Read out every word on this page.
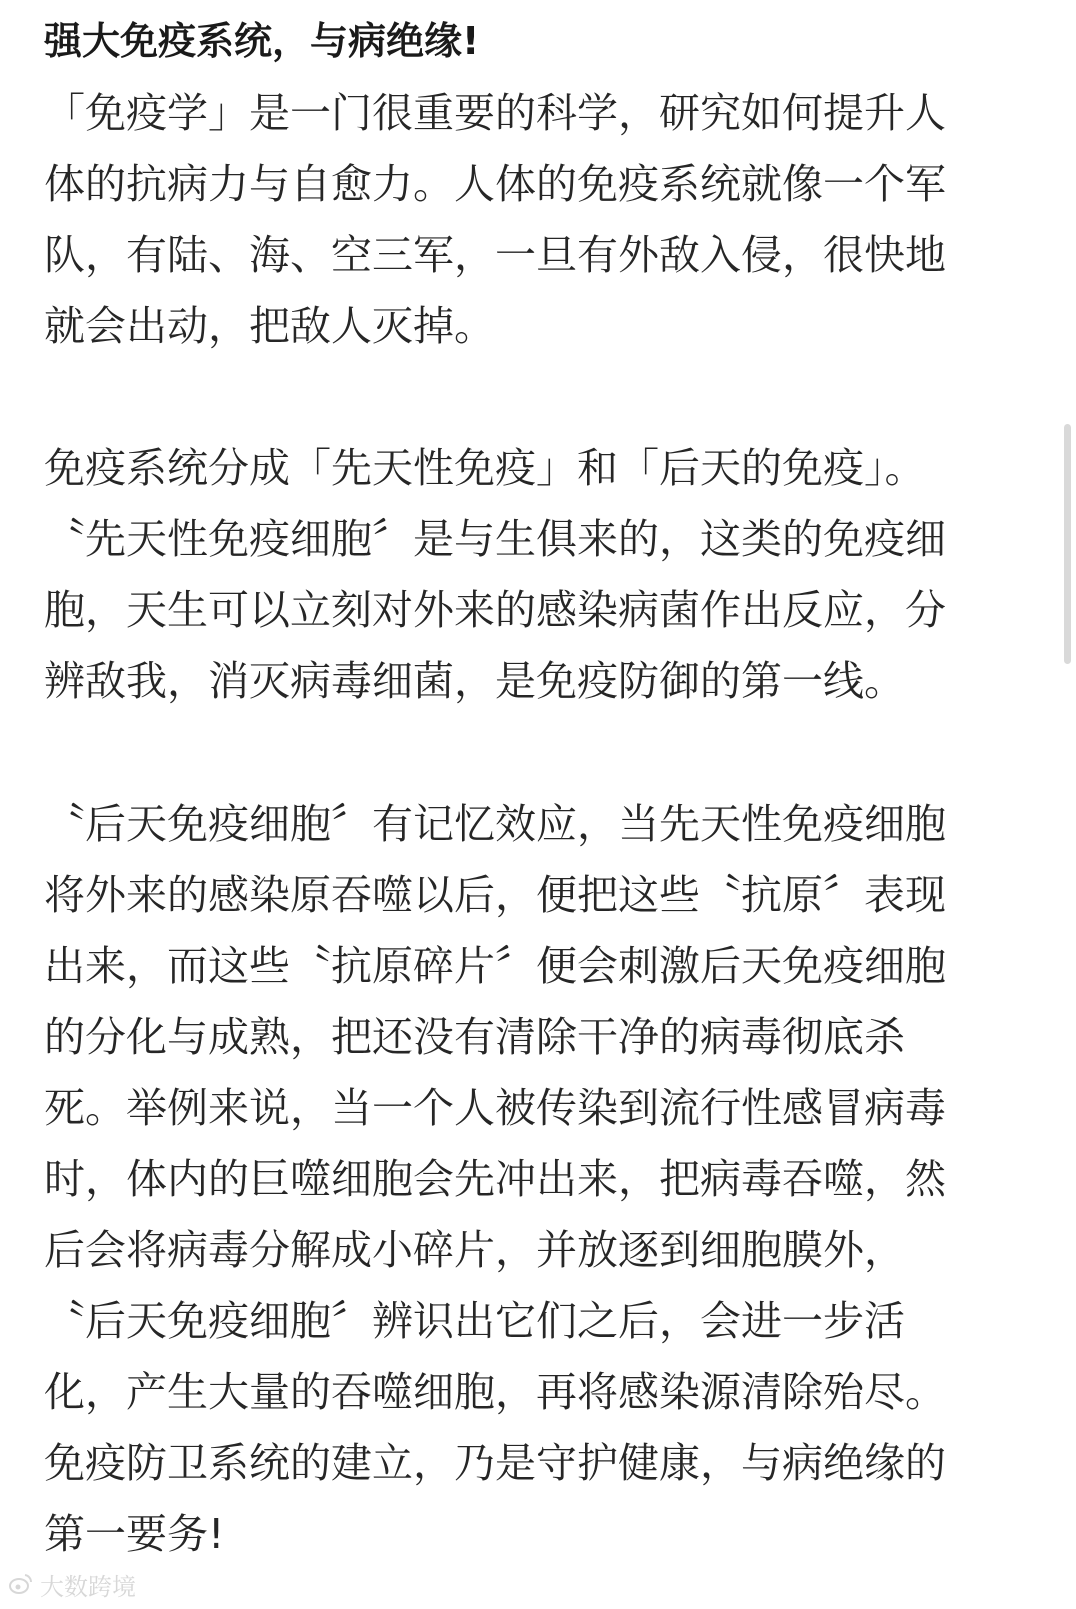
强大免疫系统，与病绝缘!
「免疫学」是一门很重要的科学，研究如何提升人
体的抗病力与自愈力。人体的免疫系统就像一个军
队，有陆、海、空三军，一旦有外敌入侵，很快地
就会出动，把敌人灭掉。
免疫系统分成「先天性免疫」和「后天的免疫」。
〝先天性免疫细胞〞是与生俱来的，这类的免疫细
胞，天生可以立刻对外来的感染病菌作出反应，分
辨敌我，消灭病毒细菌，是免疫防御的第一线。
〝后天免疫细胞〞有记忆效应，当先天性免疫细胞
将外来的感染原吞噬以后，便把这些〝抗原〞表现
出来，而这些〝抗原碎片〞便会刺激后天免疫细胞
的分化与成熟，把还没有清除干净的病毒彻底杀
死。举例来说，当一个人被传染到流行性感冒病毒
时，体内的巨噬细胞会先冲出来，把病毒吞噬，然
后会将病毒分解成小碎片，并放逐到细胞膜外，
〝后天免疫细胞〞辨识出它们之后，会进一步活
化，产生大量的吞噬细胞，再将感染源清除殆尽。
免疫防卫系统的建立，乃是守护健康，与病绝缘的
第一要务!
大数跨境
